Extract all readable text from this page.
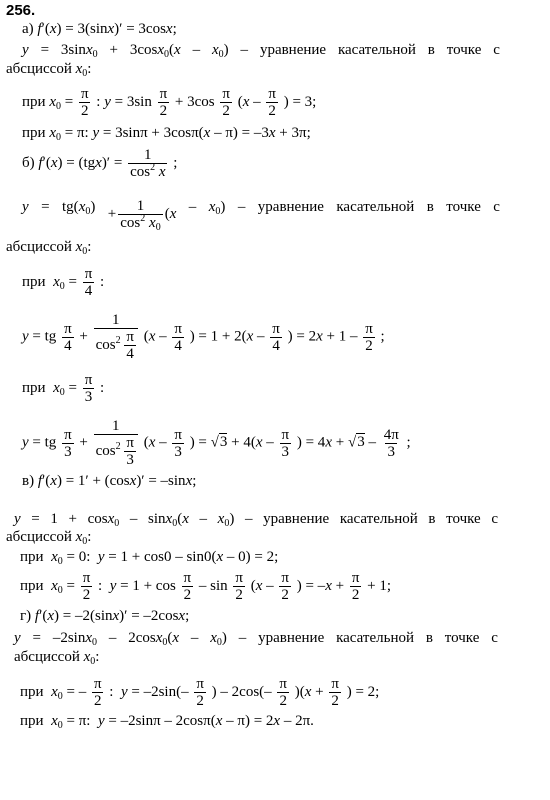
256.
а) f′(x) = 3(sinx)′ = 3cosx;
$y = 3\sin x_0 + 3\cos x_0(x - x_0)$ – уравнение касательной в точке с
абсциссой $x_0$:
при $x_0 = \frac{\pi}{2}$ : $y = 3\sin \frac{\pi}{2} + 3\cos \frac{\pi}{2} (x - \frac{\pi}{2}$ ) = 3;
при $x_0 = \pi$: y = 3sinπ + 3cosπ(x – π) = –3x + 3π;
б) $f'(x) = (tgx)' = \frac{1}{\cos^2 x}$ ;
$y = tg(x_0) + \frac{1}{\cos^2 x_0} (x - x_0)$ – уравнение касательной в точке с
абсциссой $x_0$:
при $x_0 = \frac{\pi}{4}$ :
y = tg $\frac{\pi}{4} + \frac{1}{\cos^2 \frac{\pi}{4}} (x - \frac{\pi}{4}$ ) = $1 + 2(x - \frac{\pi}{4}$ ) = $2x + 1 - \frac{\pi}{2}$ ;
при $x_0 = \frac{\pi}{3}$ :
y = tg $\frac{\pi}{3} + \frac{1}{\cos^2 \frac{\pi}{3}} (x - \frac{\pi}{3}$ ) = $√3 + 4(x - \frac{\pi}{3}$ ) = $4x + √3 - \frac{4\pi}{3}$ ;
в) f′(x) = 1′ + (cosx)′ = –sinx;
$y = 1 + \cos x_0 - \sin x_0(x - x_0)$ – уравнение касательной в точке с
абсциссой $x_0$:
при $x_0 = 0$:  y = 1 + cos0 – sin0(x – 0) = 2;
при $x_0 = \frac{\pi}{2}$ :  $y = 1 + \cos \frac{\pi}{2} - \sin \frac{\pi}{2} (x - \frac{\pi}{2}$ ) = $-x + \frac{\pi}{2} + 1$;
г) f′(x) = –2(sinx)′ = –2cosx;
$y = -2\sin x_0 - 2\cos x_0(x - x_0)$ – уравнение касательной в точке с
абсциссой $x_0$:
при $x_0$ = – $\frac{\pi}{2}$ :  $y = -2\sin(- \frac{\pi}{2}$ ) – $2\cos(- \frac{\pi}{2} )(x + \frac{\pi}{2}$ ) = 2;
при $x_0 = \pi$:  y = –2sinπ – 2cosπ(x – π) = 2x – 2π.
